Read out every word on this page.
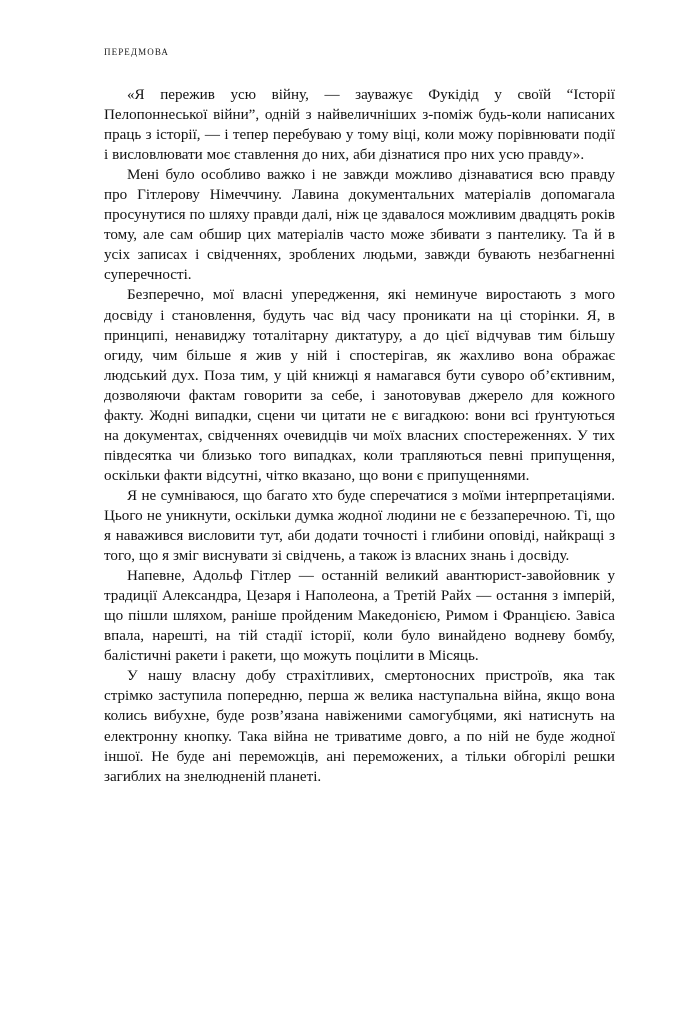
передмова

«Я пережив усю війну, — зауважує Фукідід у своїй “Історії Пелопоннеської війни”, одній з найвеличніших з-поміж будь-коли написаних праць з історії, — і тепер перебуваю у тому віці, коли можу порівнювати події і висловлювати моє ставлення до них, аби дізнатися про них усю правду».

Мені було особливо важко і не завжди можливо дізнаватися всю правду про Гітлерову Німеччину. Лавина документальних матеріалів допомагала просунутися по шляху правди далі, ніж це здавалося можливим двадцять років тому, але сам обшир цих матеріалів часто може збивати з пантелику. Та й в усіх записах і свідченнях, зроблених людьми, завжди бувають незбагненні суперечності.

Безперечно, мої власні упередження, які неминуче виростають з мого досвіду і становлення, будуть час від часу проникати на ці сторінки. Я, в принципі, ненавиджу тоталітарну диктатуру, а до цієї відчував тим більшу огиду, чим більше я жив у ній і спостерігав, як жахливо вона ображає людський дух. Поза тим, у цій книжці я намагався бути суворо об’єктивним, дозволяючи фактам говорити за себе, і занотовував джерело для кожного факту. Жодні випадки, сцени чи цитати не є вигадкою: вони всі ґрунтуються на документах, свідченнях очевидців чи моїх власних спостереженнях. У тих півдесятка чи близько того випадках, коли трапляються певні припущення, оскільки факти відсутні, чітко вказано, що вони є припущеннями.

Я не сумніваюся, що багато хто буде сперечатися з моїми інтерпретаціями. Цього не уникнути, оскільки думка жодної людини не є беззаперечною. Ті, що я наважився висловити тут, аби додати точності і глибини оповіді, найкращі з того, що я зміг виснувати зі свідчень, а також із власних знань і досвіду.

Напевне, Адольф Гітлер — останній великий авантюрист-завойовник у традиції Александра, Цезаря і Наполеона, а Третій Райх — остання з імперій, що пішли шляхом, раніше пройденим Македонією, Римом і Францією. Завіса впала, нарешті, на тій стадії історії, коли було винайдено водневу бомбу, балістичні ракети і ракети, що можуть поцілити в Місяць.

У нашу власну добу страхітливих, смертоносних пристроїв, яка так стрімко заступила попередню, перша ж велика наступальна війна, якщо вона колись вибухне, буде розв’язана навіженими самогубцями, які натиснуть на електронну кнопку. Така війна не триватиме довго, а по ній не буде жодної іншої. Не буде ані переможців, ані переможених, а тільки обгорілі решки загиблих на знелюдненій планеті.
